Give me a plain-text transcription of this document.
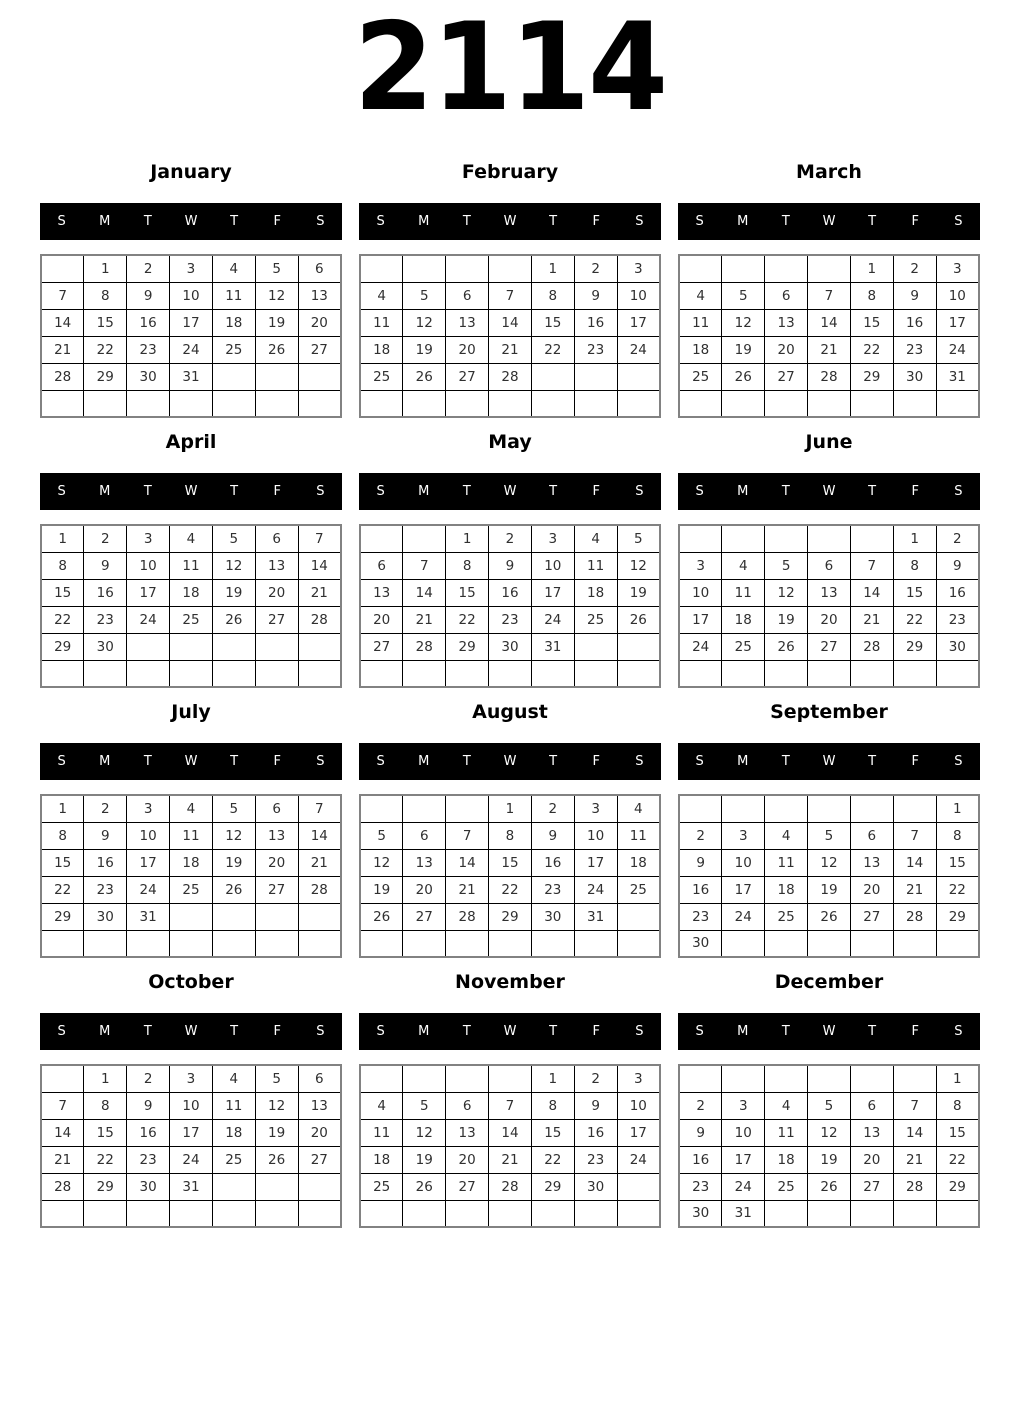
2114
January
S	M	T	W	T	F	S
	1	2	3	4	5	6
7	8	9	10	11	12	13
14	15	16	17	18	19	20
21	22	23	24	25	26	27
28	29	30	31			

February
S	M	T	W	T	F	S
				1	2	3
4	5	6	7	8	9	10
11	12	13	14	15	16	17
18	19	20	21	22	23	24
25	26	27	28			

March
S	M	T	W	T	F	S
				1	2	3
4	5	6	7	8	9	10
11	12	13	14	15	16	17
18	19	20	21	22	23	24
25	26	27	28	29	30	31

April
S	M	T	W	T	F	S
1	2	3	4	5	6	7
8	9	10	11	12	13	14
15	16	17	18	19	20	21
22	23	24	25	26	27	28
29	30					

May
S	M	T	W	T	F	S
		1	2	3	4	5
6	7	8	9	10	11	12
13	14	15	16	17	18	19
20	21	22	23	24	25	26
27	28	29	30	31		

June
S	M	T	W	T	F	S
					1	2
3	4	5	6	7	8	9
10	11	12	13	14	15	16
17	18	19	20	21	22	23
24	25	26	27	28	29	30

July
S	M	T	W	T	F	S
1	2	3	4	5	6	7
8	9	10	11	12	13	14
15	16	17	18	19	20	21
22	23	24	25	26	27	28
29	30	31				

August
S	M	T	W	T	F	S
			1	2	3	4
5	6	7	8	9	10	11
12	13	14	15	16	17	18
19	20	21	22	23	24	25
26	27	28	29	30	31	

September
S	M	T	W	T	F	S
						1
2	3	4	5	6	7	8
9	10	11	12	13	14	15
16	17	18	19	20	21	22
23	24	25	26	27	28	29
30						
October
S	M	T	W	T	F	S
	1	2	3	4	5	6
7	8	9	10	11	12	13
14	15	16	17	18	19	20
21	22	23	24	25	26	27
28	29	30	31			

November
S	M	T	W	T	F	S
				1	2	3
4	5	6	7	8	9	10
11	12	13	14	15	16	17
18	19	20	21	22	23	24
25	26	27	28	29	30	

December
S	M	T	W	T	F	S
						1
2	3	4	5	6	7	8
9	10	11	12	13	14	15
16	17	18	19	20	21	22
23	24	25	26	27	28	29
30	31					
